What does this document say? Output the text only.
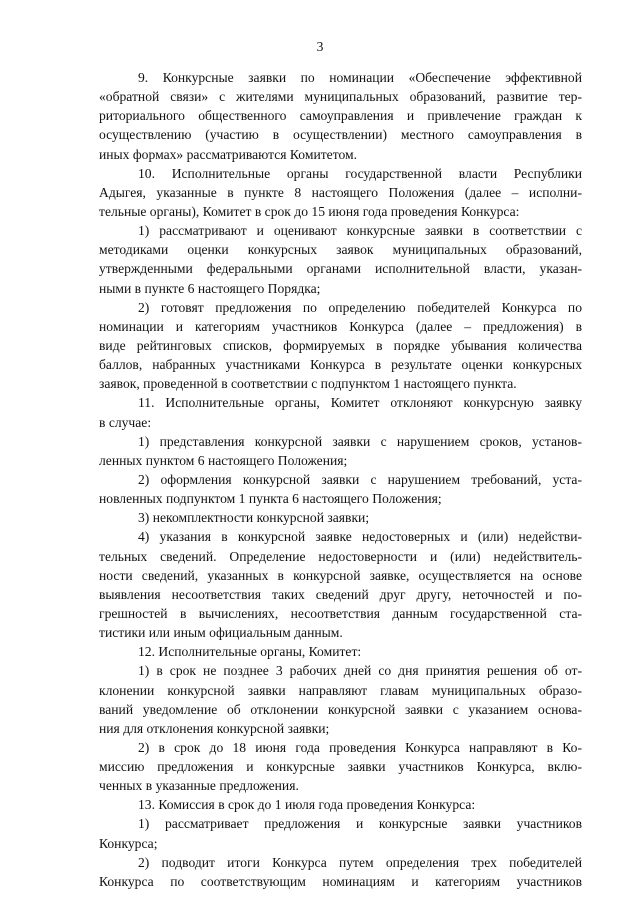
3
9. Конкурсные заявки по номинации «Обеспечение эффективной
«обратной связи» с жителями муниципальных образований, развитие тер-
риториального общественного самоуправления и привлечение граждан к
осуществлению (участию в осуществлении) местного самоуправления в
иных формах» рассматриваются Комитетом.
10. Исполнительные органы государственной власти Республики
Адыгея, указанные в пункте 8 настоящего Положения (далее – исполни-
тельные органы), Комитет в срок до 15 июня года проведения Конкурса:
1) рассматривают и оценивают конкурсные заявки в соответствии с
методиками оценки конкурсных заявок муниципальных образований,
утвержденными федеральными органами исполнительной власти, указан-
ными в пункте 6 настоящего Порядка;
2) готовят предложения по определению победителей Конкурса по
номинации и категориям участников Конкурса (далее – предложения) в
виде рейтинговых списков, формируемых в порядке убывания количества
баллов, набранных участниками Конкурса в результате оценки конкурсных
заявок, проведенной в соответствии с подпунктом 1 настоящего пункта.
11. Исполнительные органы, Комитет отклоняют конкурсную заявку
в случае:
1) представления конкурсной заявки с нарушением сроков, установ-
ленных пунктом 6 настоящего Положения;
2) оформления конкурсной заявки с нарушением требований, уста-
новленных подпунктом 1 пункта 6 настоящего Положения;
3) некомплектности конкурсной заявки;
4) указания в конкурсной заявке недостоверных и (или) недействи-
тельных сведений. Определение недостоверности и (или) недействитель-
ности сведений, указанных в конкурсной заявке, осуществляется на основе
выявления несоответствия таких сведений друг другу, неточностей и по-
грешностей в вычислениях, несоответствия данным государственной ста-
тистики или иным официальным данным.
12. Исполнительные органы, Комитет:
1) в срок не позднее 3 рабочих дней со дня принятия решения об от-
клонении конкурсной заявки направляют главам муниципальных образо-
ваний уведомление об отклонении конкурсной заявки с указанием основа-
ния для отклонения конкурсной заявки;
2) в срок до 18 июня года проведения Конкурса направляют в Ко-
миссию предложения и конкурсные заявки участников Конкурса, вклю-
ченных в указанные предложения.
13. Комиссия в срок до 1 июля года проведения Конкурса:
1) рассматривает предложения и конкурсные заявки участников
Конкурса;
2) подводит итоги Конкурса путем определения трех победителей
Конкурса по соответствующим номинациям и категориям участников
